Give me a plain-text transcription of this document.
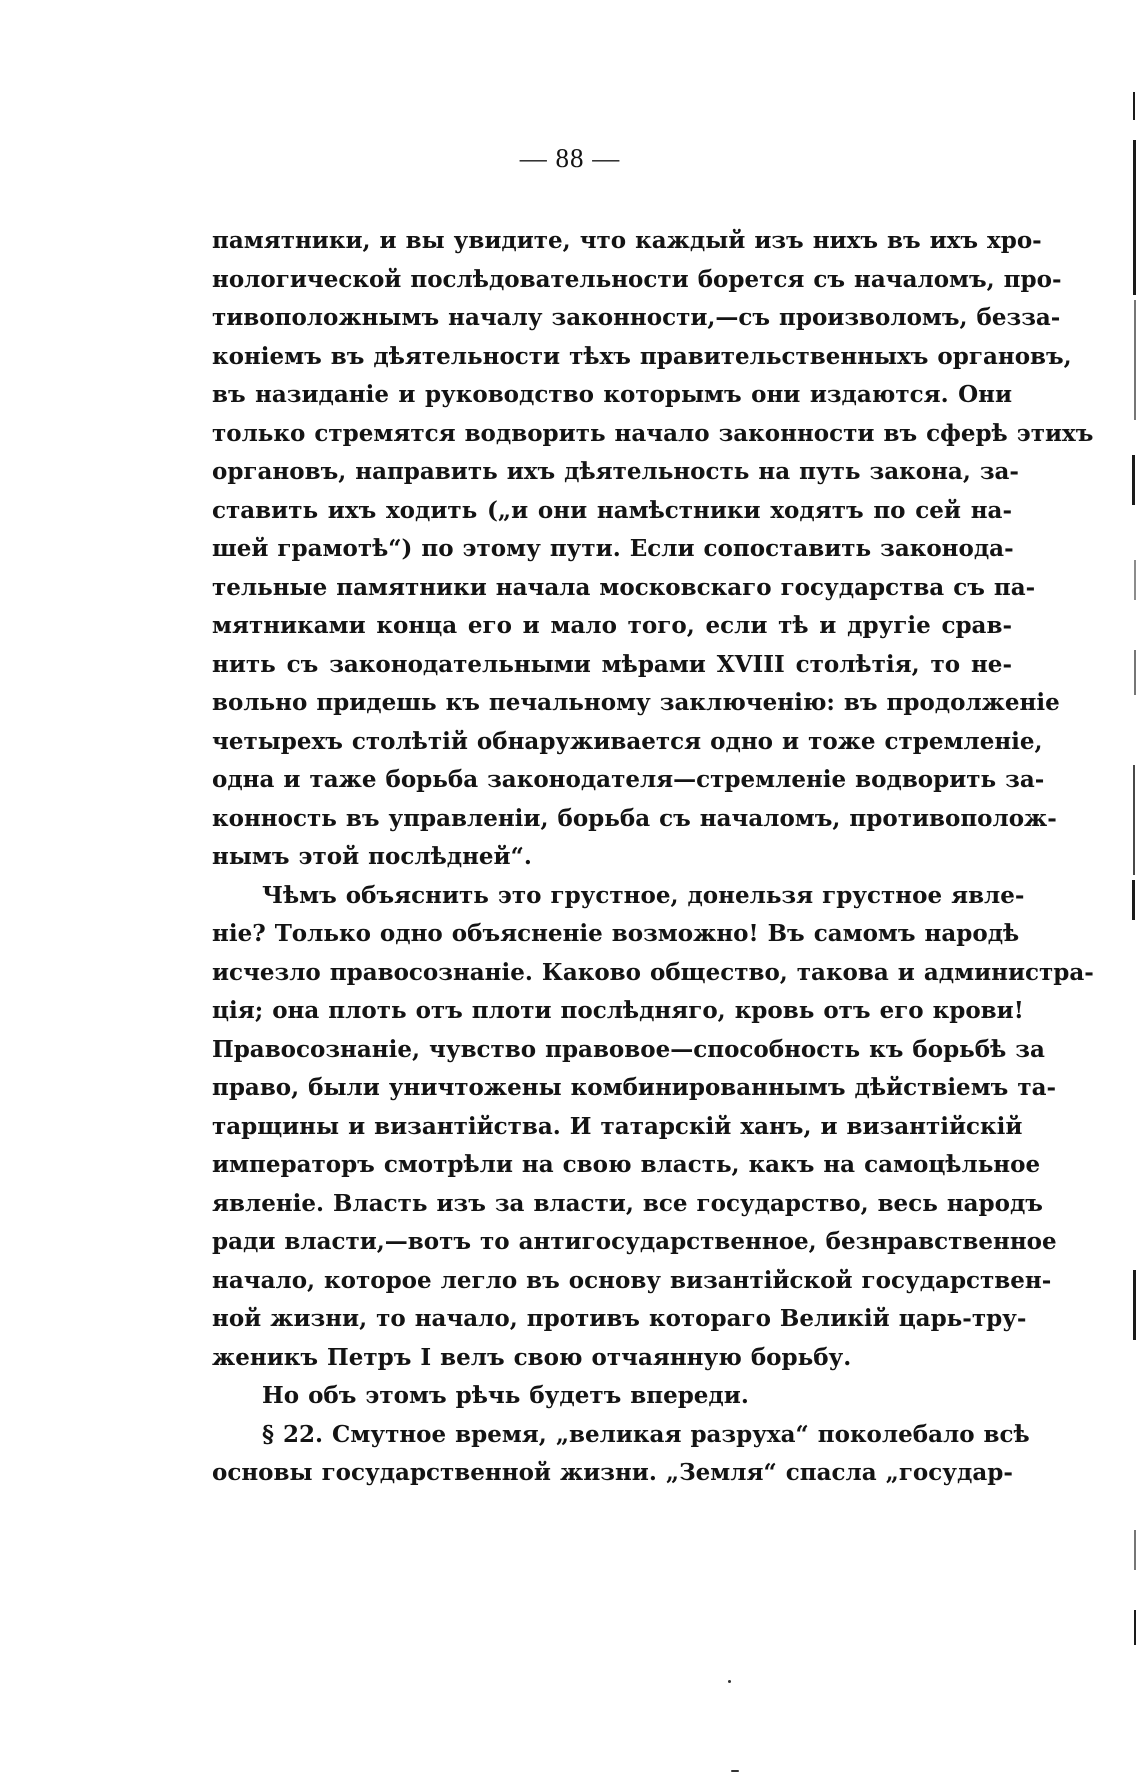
— 88 —
памятники, и вы увидите, что каждый изъ нихъ въ ихъ хро-
нологической послѣдовательности борется съ началомъ, про-
тивоположнымъ началу законности,—съ произволомъ, безза-
коніемъ въ дѣятельности тѣхъ правительственныхъ органовъ,
въ назиданіе и руководство которымъ они издаются. Они
только стремятся водворить начало законности въ сферѣ этихъ
органовъ, направить ихъ дѣятельность на путь закона, за-
ставить ихъ ходить („и они намѣстники ходятъ по сей на-
шей грамотѣ“) по этому пути. Если сопоставить законода-
тельные памятники начала московскаго государства съ па-
мятниками конца его и мало того, если тѣ и другіе срав-
нить съ законодательными мѣрами XVIII столѣтія, то не-
вольно придешь къ печальному заключенію: въ продолженіе
четырехъ столѣтій обнаруживается одно и тоже стремленіе,
одна и таже борьба законодателя—стремленіе водворить за-
конность въ управленіи, борьба съ началомъ, противополож-
нымъ этой послѣдней“.
Чѣмъ объяснить это грустное, донельзя грустное явле-
ніе? Только одно объясненіе возможно! Въ самомъ народѣ
исчезло правосознаніе. Каково общество, такова и администра-
ція; она плоть отъ плоти послѣдняго, кровь отъ его крови!
Правосознаніе, чувство правовое—способность къ борьбѣ за
право, были уничтожены комбинированнымъ дѣйствіемъ та-
тарщины и византійства. И татарскій ханъ, и византійскій
императоръ смотрѣли на свою власть, какъ на самоцѣльное
явленіе. Власть изъ за власти, все государство, весь народъ
ради власти,—вотъ то антигосударственное, безнравственное
начало, которое легло въ основу византійской государствен-
ной жизни, то начало, противъ котораго Великій царь-тру-
женикъ Петръ I велъ свою отчаянную борьбу.
Но объ этомъ рѣчь будетъ впереди.
§ 22. Смутное время, „великая разруха“ поколебало всѣ
основы государственной жизни. „Земля“ спасла „государ-
